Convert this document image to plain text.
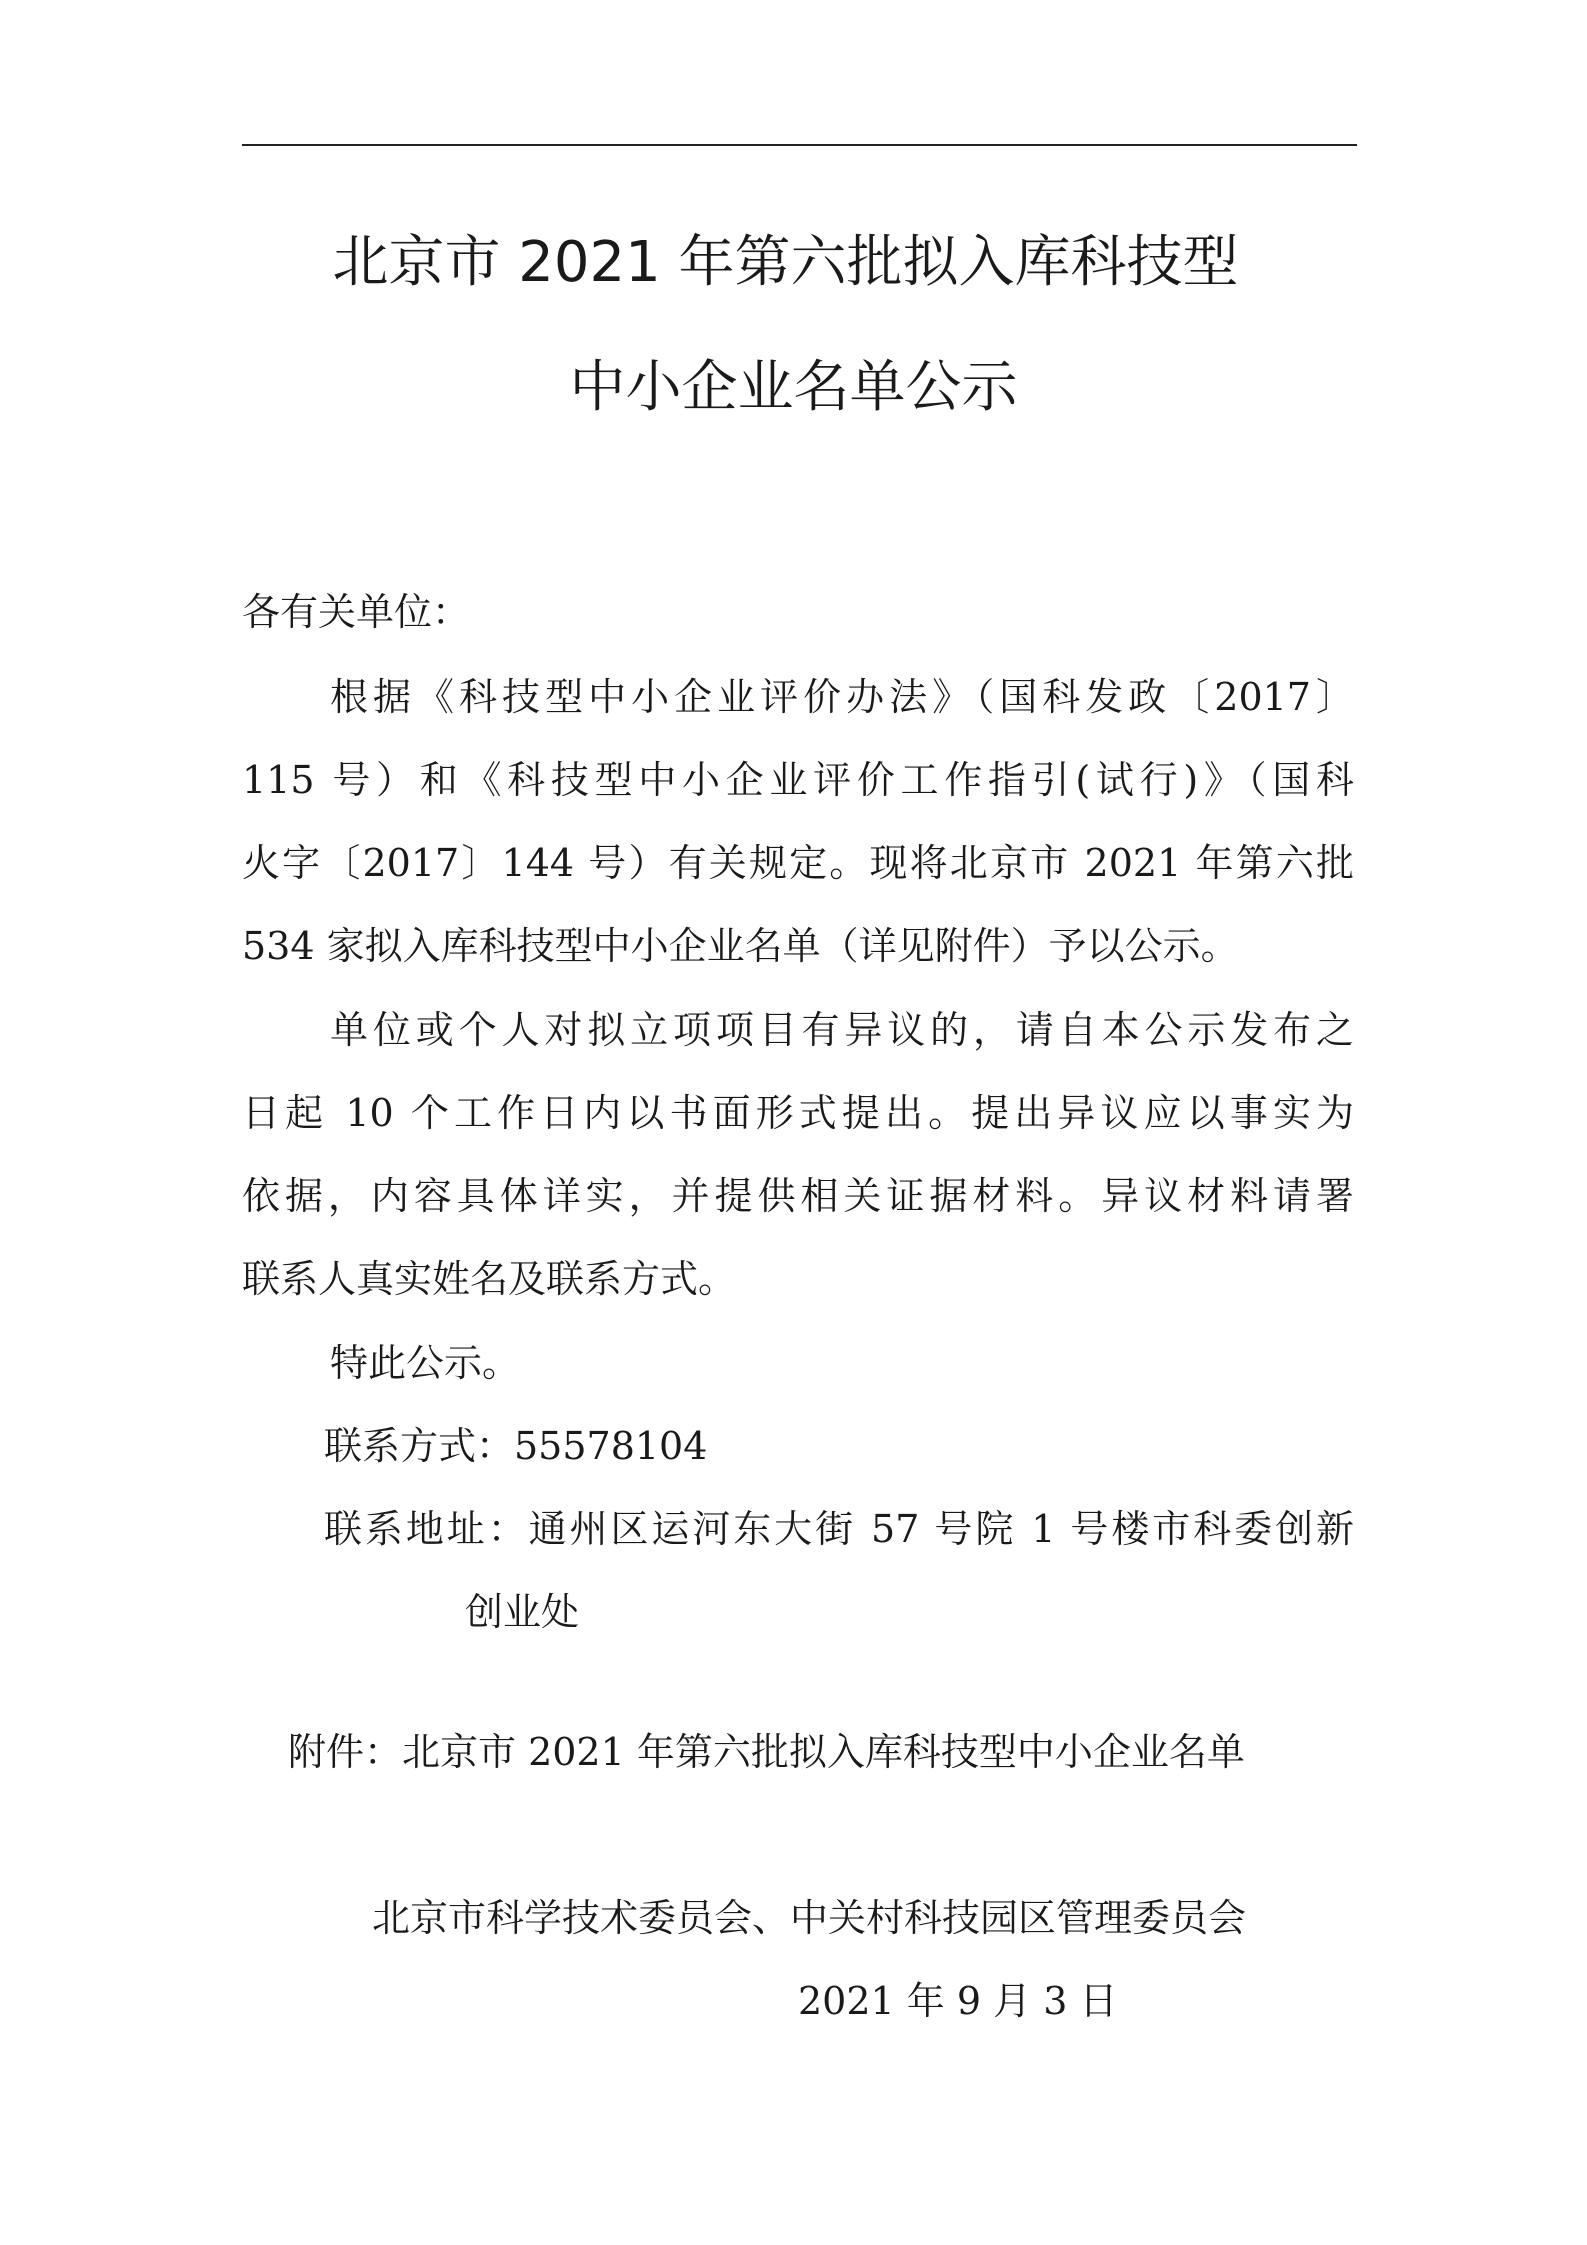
北京市 2021 年第六批拟入库科技型
中小企业名单公示
各有关单位：
根据《科技型中小企业评价办法》（国科发政〔2017〕
115 号）和《科技型中小企业评价工作指引(试行)》（国科
火字〔2017〕144 号）有关规定。现将北京市 2021 年第六批
534 家拟入库科技型中小企业名单（详见附件）予以公示。
单位或个人对拟立项项目有异议的，请自本公示发布之
日起 10 个工作日内以书面形式提出。提出异议应以事实为
依据，内容具体详实，并提供相关证据材料。异议材料请署
联系人真实姓名及联系方式。
特此公示。
联系方式：55578104
联系地址：通州区运河东大街 57 号院 1 号楼市科委创新
创业处
附件：北京市 2021 年第六批拟入库科技型中小企业名单
北京市科学技术委员会、中关村科技园区管理委员会
2021 年 9 月 3 日
